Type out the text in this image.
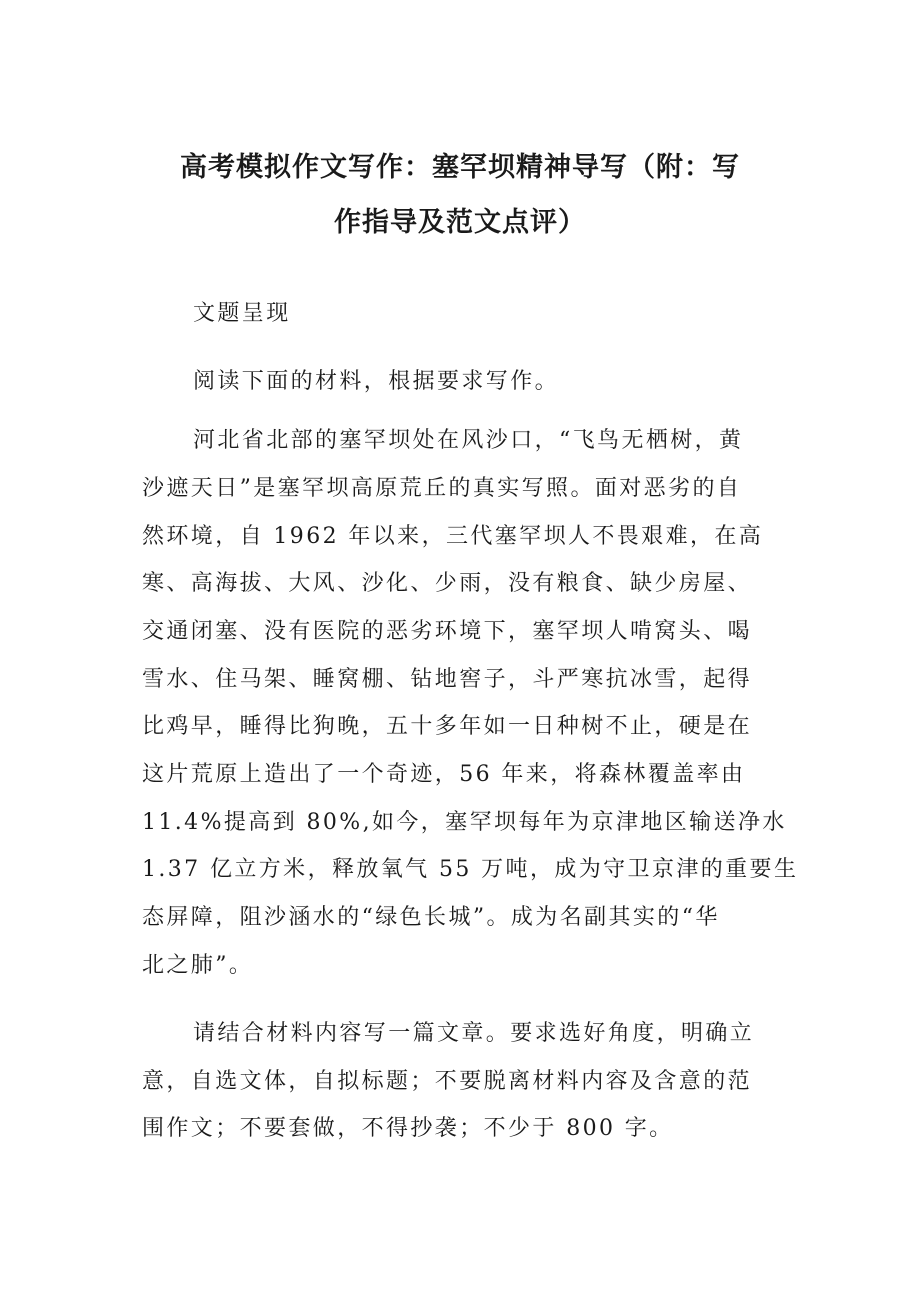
高考模拟作文写作：塞罕坝精神导写（附：写
作指导及范文点评）
文题呈现
阅读下面的材料，根据要求写作。
河北省北部的塞罕坝处在风沙口，“飞鸟无栖树，黄
沙遮天日”是塞罕坝高原荒丘的真实写照。面对恶劣的自
然环境，自 1962 年以来，三代塞罕坝人不畏艰难，在高
寒、高海拔、大风、沙化、少雨，没有粮食、缺少房屋、
交通闭塞、没有医院的恶劣环境下，塞罕坝人啃窝头、喝
雪水、住马架、睡窝棚、钻地窖子，斗严寒抗冰雪，起得
比鸡早，睡得比狗晚，五十多年如一日种树不止，硬是在
这片荒原上造出了一个奇迹，56 年来，将森林覆盖率由
11.4%提高到 80%,如今，塞罕坝每年为京津地区输送净水
1.37 亿立方米，释放氧气 55 万吨，成为守卫京津的重要生
态屏障，阻沙涵水的“绿色长城”。成为名副其实的“华
北之肺”。
请结合材料内容写一篇文章。要求选好角度，明确立
意，自选文体，自拟标题；不要脱离材料内容及含意的范
围作文；不要套做，不得抄袭；不少于 800 字。
